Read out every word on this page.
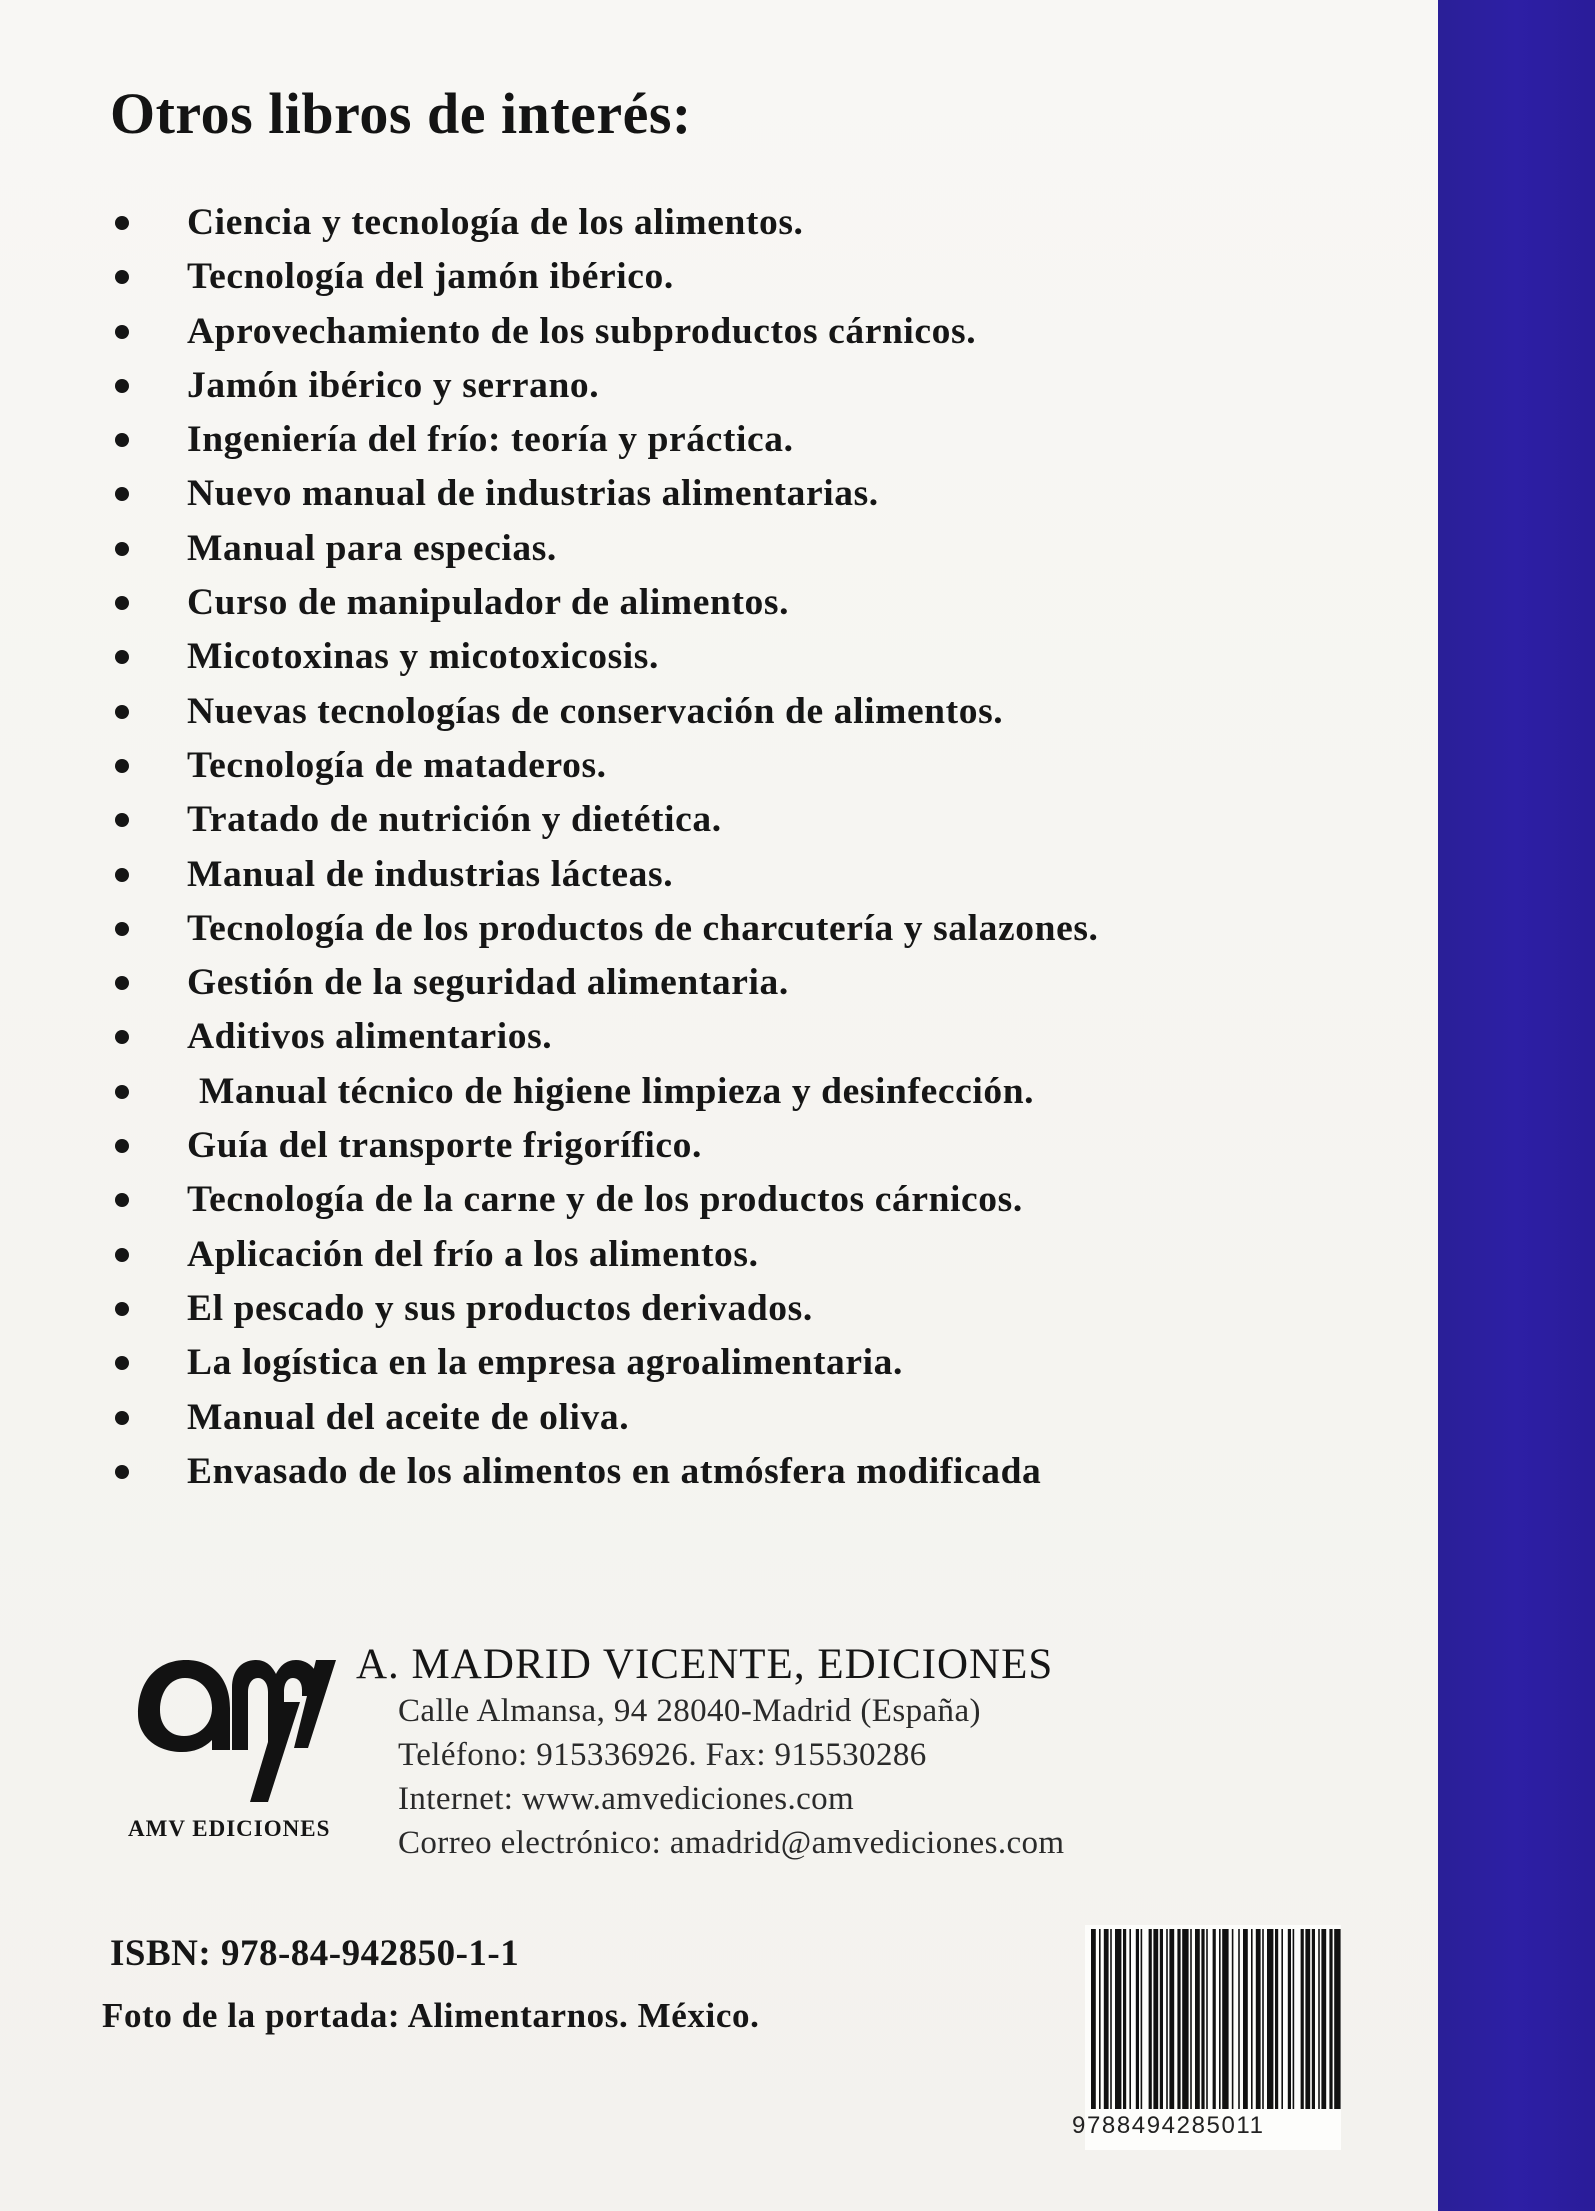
Otros libros de interés:
Ciencia y tecnología de los alimentos.
Tecnología del jamón ibérico.
Aprovechamiento de los subproductos cárnicos.
Jamón ibérico y serrano.
Ingeniería del frío: teoría y práctica.
Nuevo manual de industrias alimentarias.
Manual para especias.
Curso de manipulador de alimentos.
Micotoxinas y micotoxicosis.
Nuevas tecnologías de conservación de alimentos.
Tecnología de mataderos.
Tratado de nutrición y dietética.
Manual de industrias lácteas.
Tecnología de los productos de charcutería y salazones.
Gestión de la seguridad alimentaria.
Aditivos alimentarios.
Manual técnico de higiene limpieza y desinfección.
Guía del transporte frigorífico.
Tecnología de la carne y de los productos cárnicos.
Aplicación del frío a los alimentos.
El pescado y sus productos derivados.
La logística en la empresa agroalimentaria.
Manual del aceite de oliva.
Envasado de los alimentos en atmósfera modificada
AMV EDICIONES
A. MADRID VICENTE, EDICIONES
Calle Almansa, 94 28040-Madrid (España)
Teléfono: 915336926. Fax: 915530286
Internet: www.amvediciones.com
Correo electrónico: amadrid@amvediciones.com
ISBN: 978-84-942850-1-1
Foto de la portada: Alimentarnos. México.
9788494285011
